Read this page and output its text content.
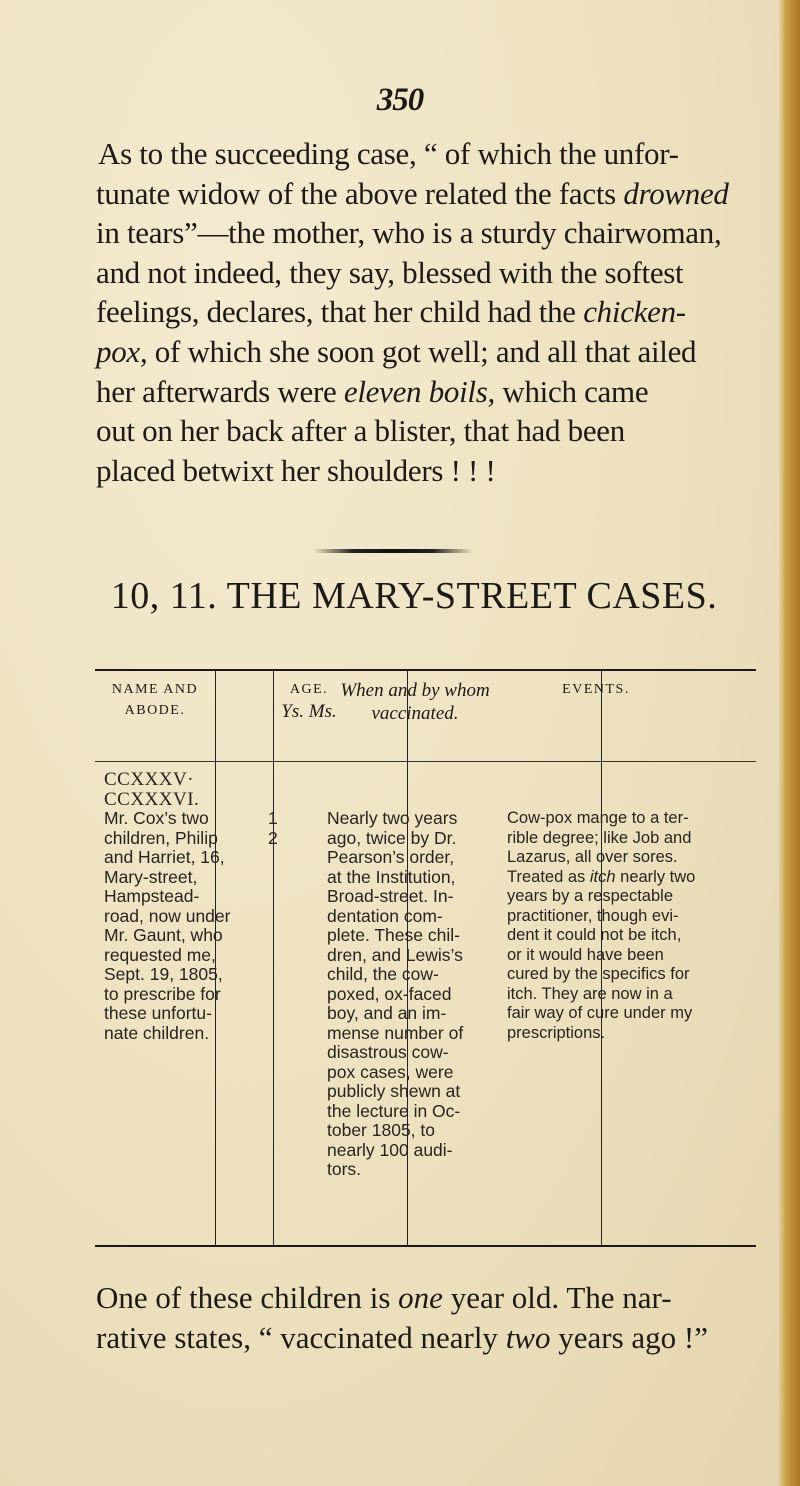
350
As to the succeeding case, “ of which the unfor-
tunate widow of the above related the facts drowned
in tears”—the mother, who is a sturdy chairwoman,
and not indeed, they say, blessed with the softest
feelings, declares, that her child had the chicken-
pox, of which she soon got well; and all that ailed
her afterwards were eleven boils, which came
out on her back after a blister, that had been
placed betwixt her shoulders ! ! !
10, 11. THE MARY-STREET CASES.
NAME AND
ABODE.
AGE.
Ys. Ms.
When and by whom
vaccinated.
EVENTS.
CCXXXV·
CCXXXVI.
Mr. Cox’s two
children, Philip
and Harriet, 16,
Mary-street,
Hampstead-
road, now under
Mr. Gaunt, who
requested me,
Sept. 19, 1805,
to prescribe for
these unfortu-
nate children.
1
2
Nearly two years
ago, twice by Dr.
Pearson’s order,
at the Institution,
Broad-street. In-
dentation com-
plete. These chil-
dren, and Lewis’s
child, the cow-
poxed, ox-faced
boy, and an im-
mense number of
disastrous cow-
pox cases, were
publicly shewn at
the lecture in Oc-
tober 1805, to
nearly 100 audi-
tors.
Cow-pox mange to a ter-
rible degree; like Job and
Lazarus, all over sores.
Treated as itch nearly two
years by a respectable
practitioner, though evi-
dent it could not be itch,
or it would have been
cured by the specifics for
itch. They are now in a
fair way of cure under my
prescriptions.
One of these children is one year old. The nar-
rative states, “ vaccinated nearly two years ago !”
